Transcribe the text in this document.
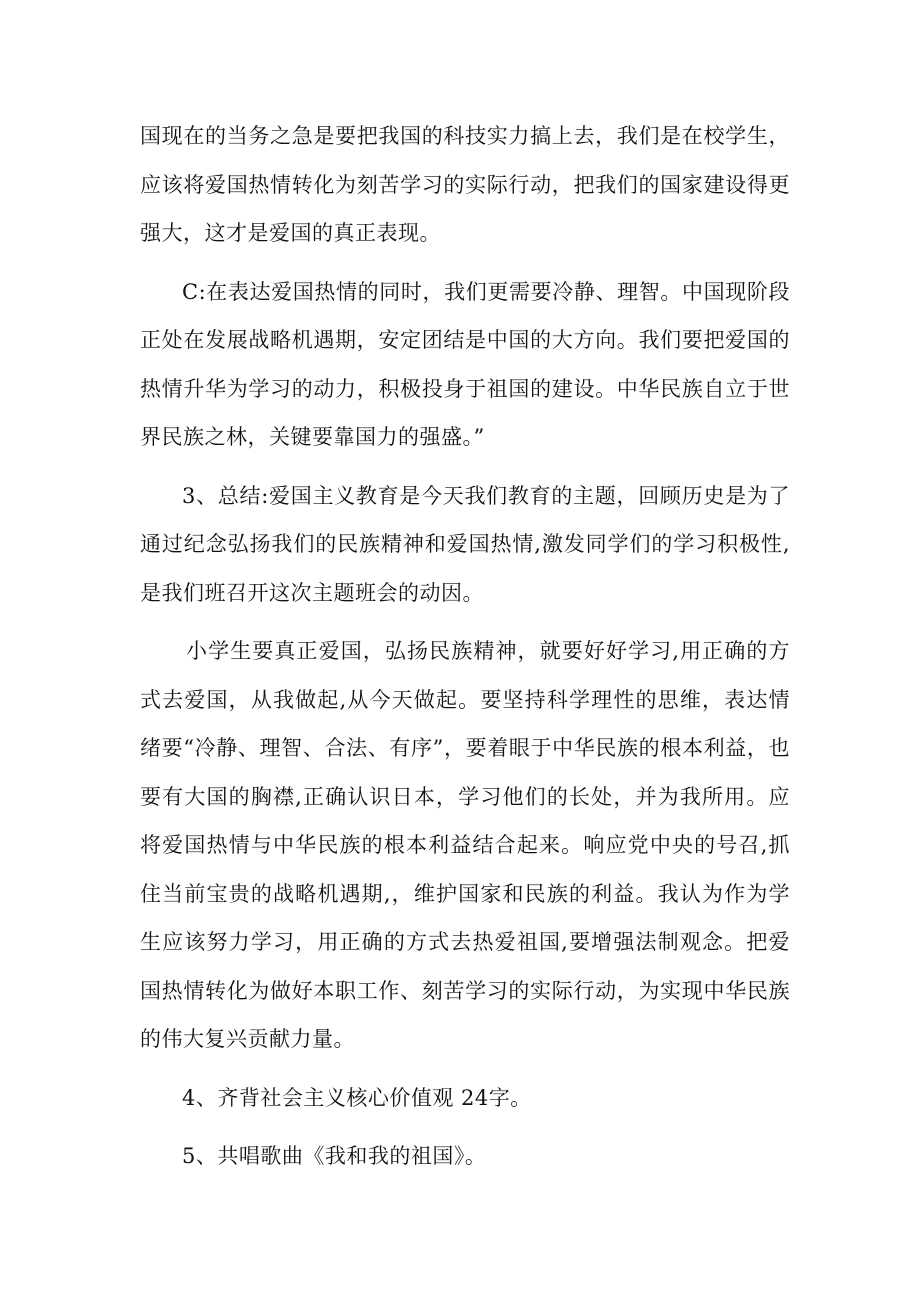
国现在的当务之急是要把我国的科技实力搞上去，我们是在校学生，应该将爱国热情转化为刻苦学习的实际行动，把我们的国家建设得更强大，这才是爱国的真正表现。

C:在表达爱国热情的同时，我们更需要冷静、理智。中国现阶段正处在发展战略机遇期，安定团结是中国的大方向。我们要把爱国的热情升华为学习的动力，积极投身于祖国的建设。中华民族自立于世界民族之林，关键要靠国力的强盛。”

3、总结:爱国主义教育是今天我们教育的主题，回顾历史是为了通过纪念弘扬我们的民族精神和爱国热情,激发同学们的学习积极性,是我们班召开这次主题班会的动因。

小学生要真正爱国，弘扬民族精神，就要好好学习,用正确的方式去爱国，从我做起,从今天做起。要坚持科学理性的思维，表达情绪要“冷静、理智、合法、有序”，要着眼于中华民族的根本利益，也要有大国的胸襟,正确认识日本，学习他们的长处，并为我所用。应将爱国热情与中华民族的根本利益结合起来。响应党中央的号召,抓住当前宝贵的战略机遇期,，维护国家和民族的利益。我认为作为学生应该努力学习，用正确的方式去热爱祖国,要增强法制观念。把爱国热情转化为做好本职工作、刻苦学习的实际行动，为实现中华民族的伟大复兴贡献力量。

4、齐背社会主义核心价值观 24字。

5、共唱歌曲《我和我的祖国》。
